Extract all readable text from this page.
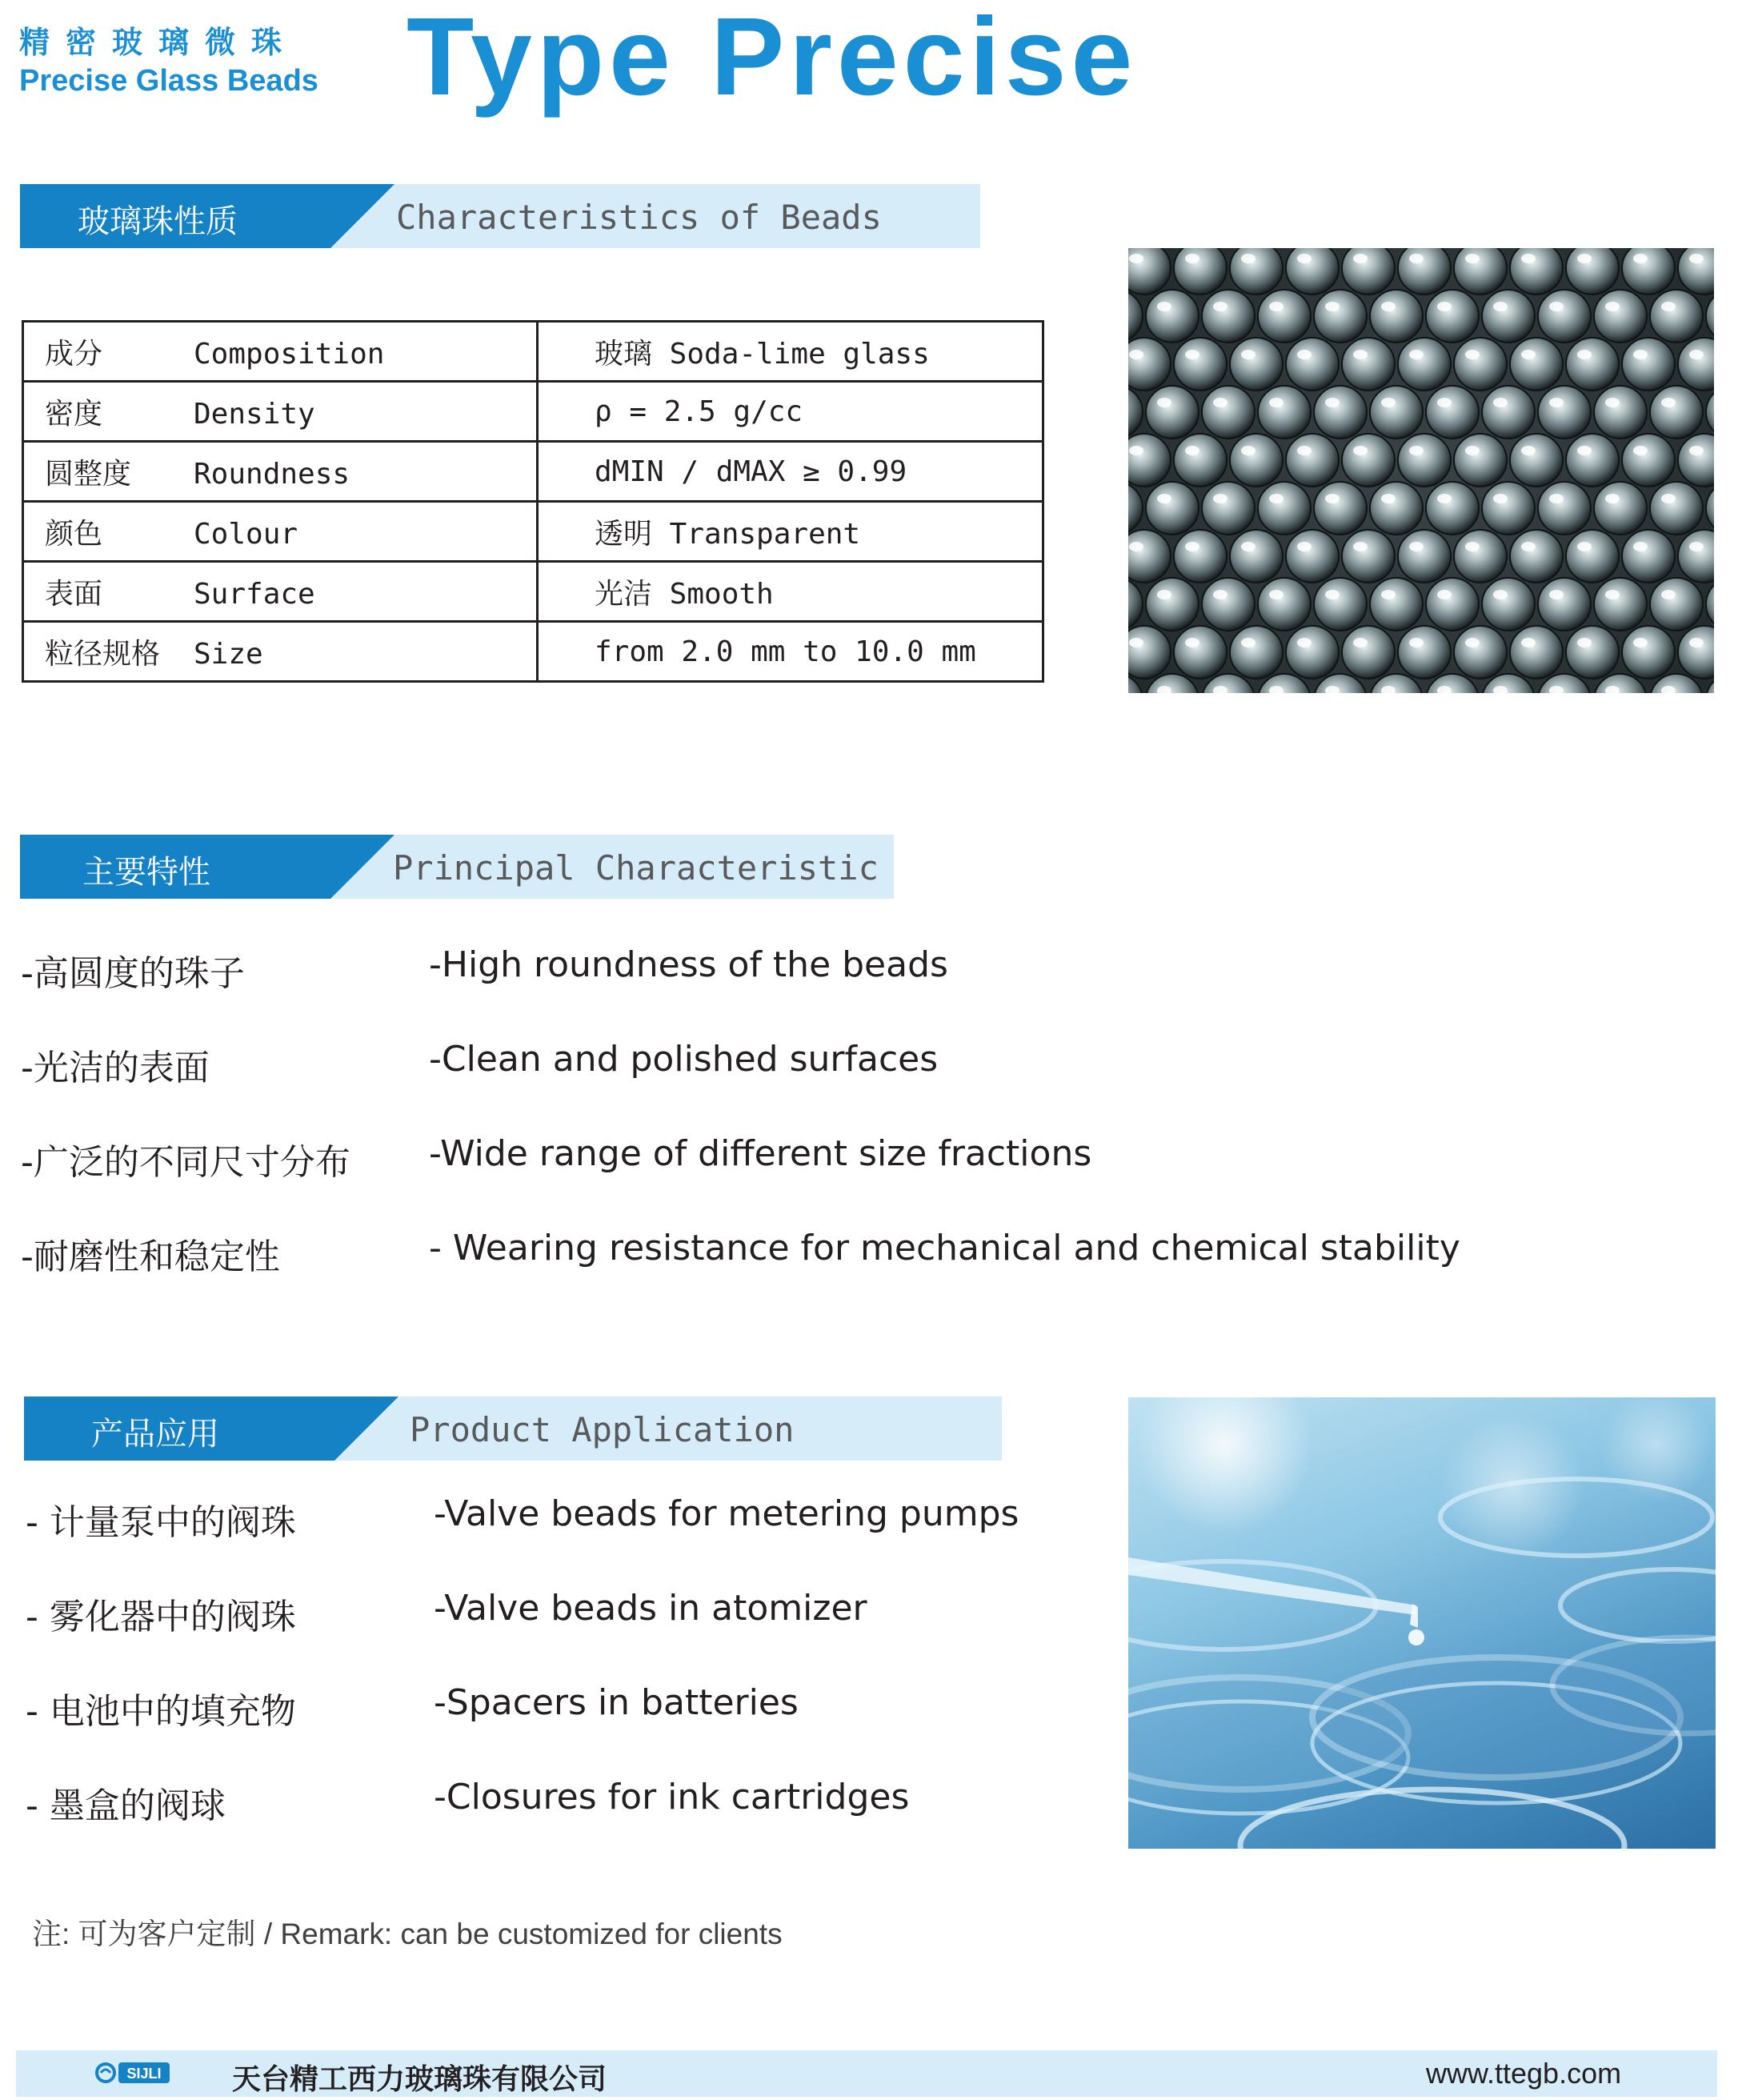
精密玻璃微珠
Precise Glass Beads Type Precise
玻璃珠性质	Characteristics of Beads
成分 Composition	玻璃 Soda-lime glass
密度 Density	ρ = 2.5 g/cc
圆整度 Roundness	dMIN / dMAX ≥ 0.99
颜色 Colour	透明 Transparent
表面 Surface	光洁 Smooth
粒径规格 Size	from 2.0 mm to 10.0 mm
主要特性	Principal Characteristic
-高圆度的珠子	-High roundness of the beads
-光洁的表面	-Clean and polished surfaces
-广泛的不同尺寸分布 -Wide range of different size fractions
-耐磨性和稳定性	- Wearing resistance for mechanical and chemical stability
产品应用	Product Application
- 计量泵中的阀珠	-Valve beads for metering pumps
- 雾化器中的阀珠	-Valve beads in atomizer
- 电池中的填充物	-Spacers in batteries
- 墨盒的阀球	-Closures for ink cartridges
注: 可为客户定制 / Remark: can be customized for clients
SIJLI 天台精工西力玻璃珠有限公司	www.ttegb.com
